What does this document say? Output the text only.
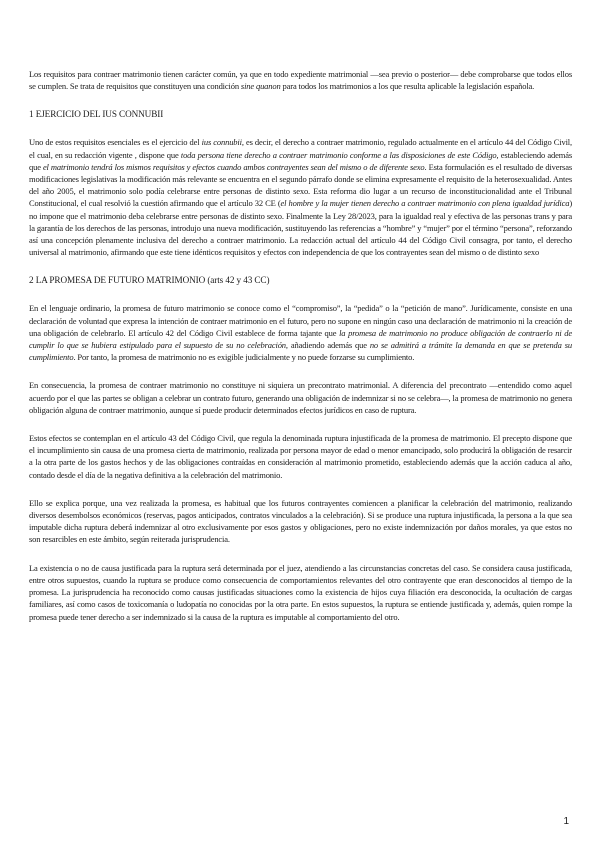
Los requisitos para contraer matrimonio tienen carácter común, ya que en todo expediente matrimonial —sea previo o posterior— debe comprobarse que todos ellos se cumplen. Se trata de requisitos que constituyen una condición sine quanon para todos los matrimonios a los que resulta aplicable la legislación española.

1 EJERCICIO DEL IUS CONNUBII

Uno de estos requisitos esenciales es el ejercicio del ius connubii, es decir, el derecho a contraer matrimonio, regulado actualmente en el artículo 44 del Código Civil, el cual, en su redacción vigente , dispone que toda persona tiene derecho a contraer matrimonio conforme a las disposiciones de este Código, estableciendo además que el matrimonio tendrá los mismos requisitos y efectos cuando ambos contrayentes sean del mismo o de diferente sexo. Esta formulación es el resultado de diversas modificaciones legislativas la modificación más relevante se encuentra en el segundo párrafo donde se elimina expresamente el requisito de la heterosexualidad. Antes del año 2005, el matrimonio solo podía celebrarse entre personas de distinto sexo. Esta reforma dio lugar a un recurso de inconstitucionalidad ante el Tribunal Constitucional, el cual resolvió la cuestión afirmando que el artículo 32 CE (el hombre y la mujer tienen derecho a contraer matrimonio con plena igualdad jurídica) no impone que el matrimonio deba celebrarse entre personas de distinto sexo. Finalmente la Ley 28/2023, para la igualdad real y efectiva de las personas trans y para la garantía de los derechos de las personas, introdujo una nueva modificación, sustituyendo las referencias a “hombre” y “mujer” por el término “persona”, reforzando así una concepción plenamente inclusiva del derecho a contraer matrimonio. La redacción actual del artículo 44 del Código Civil consagra, por tanto, el derecho universal al matrimonio, afirmando que este tiene idénticos requisitos y efectos con independencia de que los contrayentes sean del mismo o de distinto sexo

2 LA PROMESA DE FUTURO MATRIMONIO (arts 42 y 43 CC)

En el lenguaje ordinario, la promesa de futuro matrimonio se conoce como el “compromiso”, la “pedida” o la “petición de mano”. Jurídicamente, consiste en una declaración de voluntad que expresa la intención de contraer matrimonio en el futuro, pero no supone en ningún caso una declaración de matrimonio ni la creación de una obligación de celebrarlo. El artículo 42 del Código Civil establece de forma tajante que la promesa de matrimonio no produce obligación de contraerlo ni de cumplir lo que se hubiera estipulado para el supuesto de su no celebración, añadiendo además que no se admitirá a trámite la demanda en que se pretenda su cumplimiento. Por tanto, la promesa de matrimonio no es exigible judicialmente y no puede forzarse su cumplimiento.

En consecuencia, la promesa de contraer matrimonio no constituye ni siquiera un precontrato matrimonial. A diferencia del precontrato —entendido como aquel acuerdo por el que las partes se obligan a celebrar un contrato futuro, generando una obligación de indemnizar si no se celebra—, la promesa de matrimonio no genera obligación alguna de contraer matrimonio, aunque sí puede producir determinados efectos jurídicos en caso de ruptura.

Estos efectos se contemplan en el artículo 43 del Código Civil, que regula la denominada ruptura injustificada de la promesa de matrimonio. El precepto dispone que el incumplimiento sin causa de una promesa cierta de matrimonio, realizada por persona mayor de edad o menor emancipado, solo producirá la obligación de resarcir a la otra parte de los gastos hechos y de las obligaciones contraídas en consideración al matrimonio prometido, estableciendo además que la acción caduca al año, contado desde el día de la negativa definitiva a la celebración del matrimonio.

Ello se explica porque, una vez realizada la promesa, es habitual que los futuros contrayentes comiencen a planificar la celebración del matrimonio, realizando diversos desembolsos económicos (reservas, pagos anticipados, contratos vinculados a la celebración). Si se produce una ruptura injustificada, la persona a la que sea imputable dicha ruptura deberá indemnizar al otro exclusivamente por esos gastos y obligaciones, pero no existe indemnización por daños morales, ya que estos no son resarcibles en este ámbito, según reiterada jurisprudencia.

La existencia o no de causa justificada para la ruptura será determinada por el juez, atendiendo a las circunstancias concretas del caso. Se considera causa justificada, entre otros supuestos, cuando la ruptura se produce como consecuencia de comportamientos relevantes del otro contrayente que eran desconocidos al tiempo de la promesa. La jurisprudencia ha reconocido como causas justificadas situaciones como la existencia de hijos cuya filiación era desconocida, la ocultación de cargas familiares, así como casos de toxicomanía o ludopatía no conocidas por la otra parte. En estos supuestos, la ruptura se entiende justificada y, además, quien rompe la promesa puede tener derecho a ser indemnizado si la causa de la ruptura es imputable al comportamiento del otro.

1
